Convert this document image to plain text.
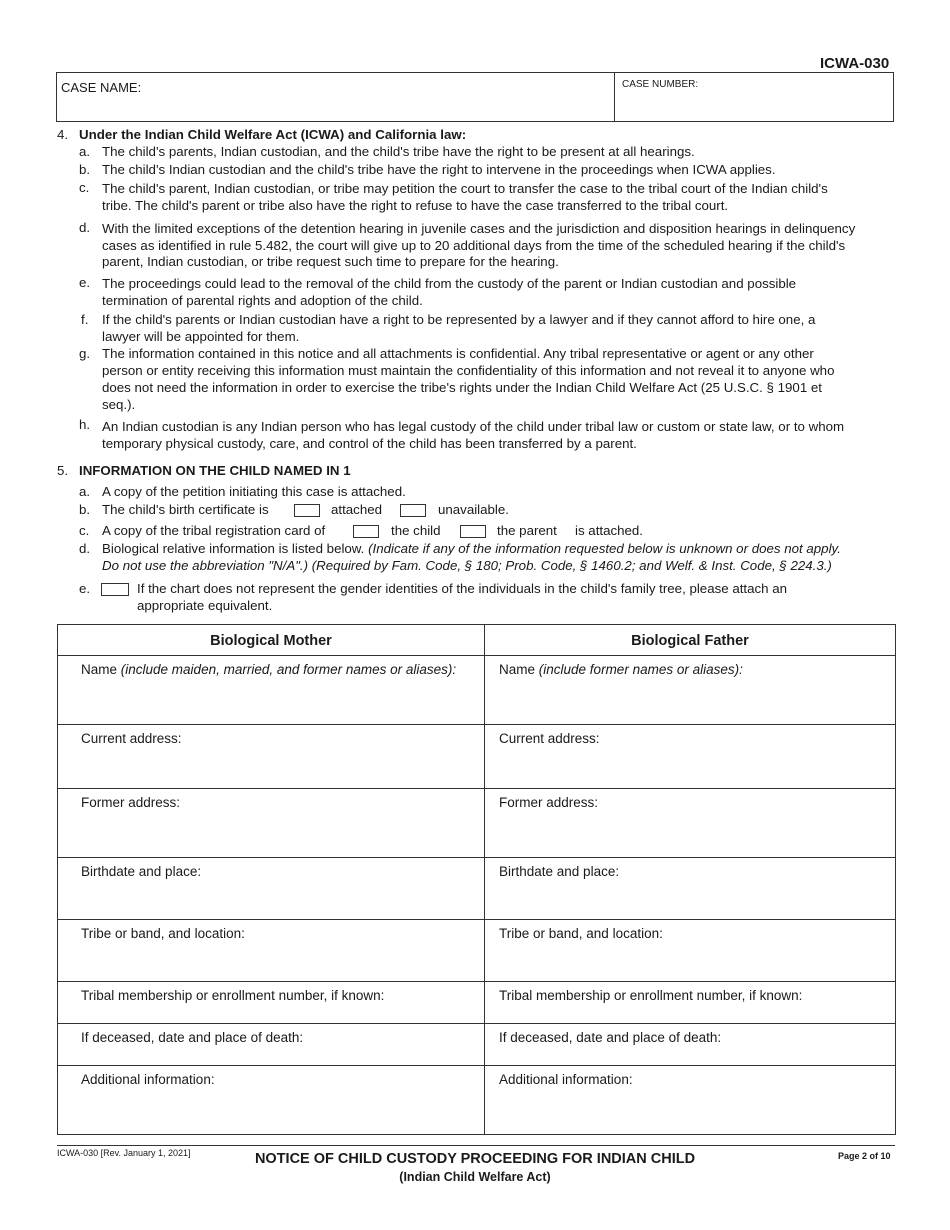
ICWA-030
CASE NAME:	CASE NUMBER:
4. Under the Indian Child Welfare Act (ICWA) and California law:
a. The child's parents, Indian custodian, and the child's tribe have the right to be present at all hearings.
b. The child's Indian custodian and the child's tribe have the right to intervene in the proceedings when ICWA applies.
c. The child's parent, Indian custodian, or tribe may petition the court to transfer the case to the tribal court of the Indian child's
tribe. The child's parent or tribe also have the right to refuse to have the case transferred to the tribal court.
d. With the limited exceptions of the detention hearing in juvenile cases and the jurisdiction and disposition hearings in delinquency
cases as identified in rule 5.482, the court will give up to 20 additional days from the time of the scheduled hearing if the child's
parent, Indian custodian, or tribe request such time to prepare for the hearing.
e. The proceedings could lead to the removal of the child from the custody of the parent or Indian custodian and possible
termination of parental rights and adoption of the child.
f. If the child's parents or Indian custodian have a right to be represented by a lawyer and if they cannot afford to hire one, a
lawyer will be appointed for them.
g. The information contained in this notice and all attachments is confidential. Any tribal representative or agent or any other
person or entity receiving this information must maintain the confidentiality of this information and not reveal it to anyone who
does not need the information in order to exercise the tribe's rights under the Indian Child Welfare Act (25 U.S.C. § 1901 et
seq.).
h. An Indian custodian is any Indian person who has legal custody of the child under tribal law or custom or state law, or to whom
temporary physical custody, care, and control of the child has been transferred by a parent.
5. INFORMATION ON THE CHILD NAMED IN 1
a. A copy of the petition initiating this case is attached.
b. The child's birth certificate is	attached	unavailable.
c. A copy of the tribal registration card of	the child	the parent is attached.
d. Biological relative information is listed below. (Indicate if any of the information requested below is unknown or does not apply.
Do not use the abbreviation "N/A".) (Required by Fam. Code, § 180; Prob. Code, § 1460.2; and Welf. & Inst. Code, § 224.3.)
e.	If the chart does not represent the gender identities of the individuals in the child's family tree, please attach an
appropriate equivalent.
Biological Mother	Biological Father
Name (include maiden, married, and former names or aliases):	Name (include former names or aliases):
Current address:	Current address:
Former address:	Former address:
Birthdate and place:	Birthdate and place:
Tribe or band, and location:	Tribe or band, and location:
Tribal membership or enrollment number, if known:	Tribal membership or enrollment number, if known:
If deceased, date and place of death:	If deceased, date and place of death:
Additional information:	Additional information:
ICWA-030 [Rev. January 1, 2021]	NOTICE OF CHILD CUSTODY PROCEEDING FOR INDIAN CHILD
(Indian Child Welfare Act)
Page 2 of 10
